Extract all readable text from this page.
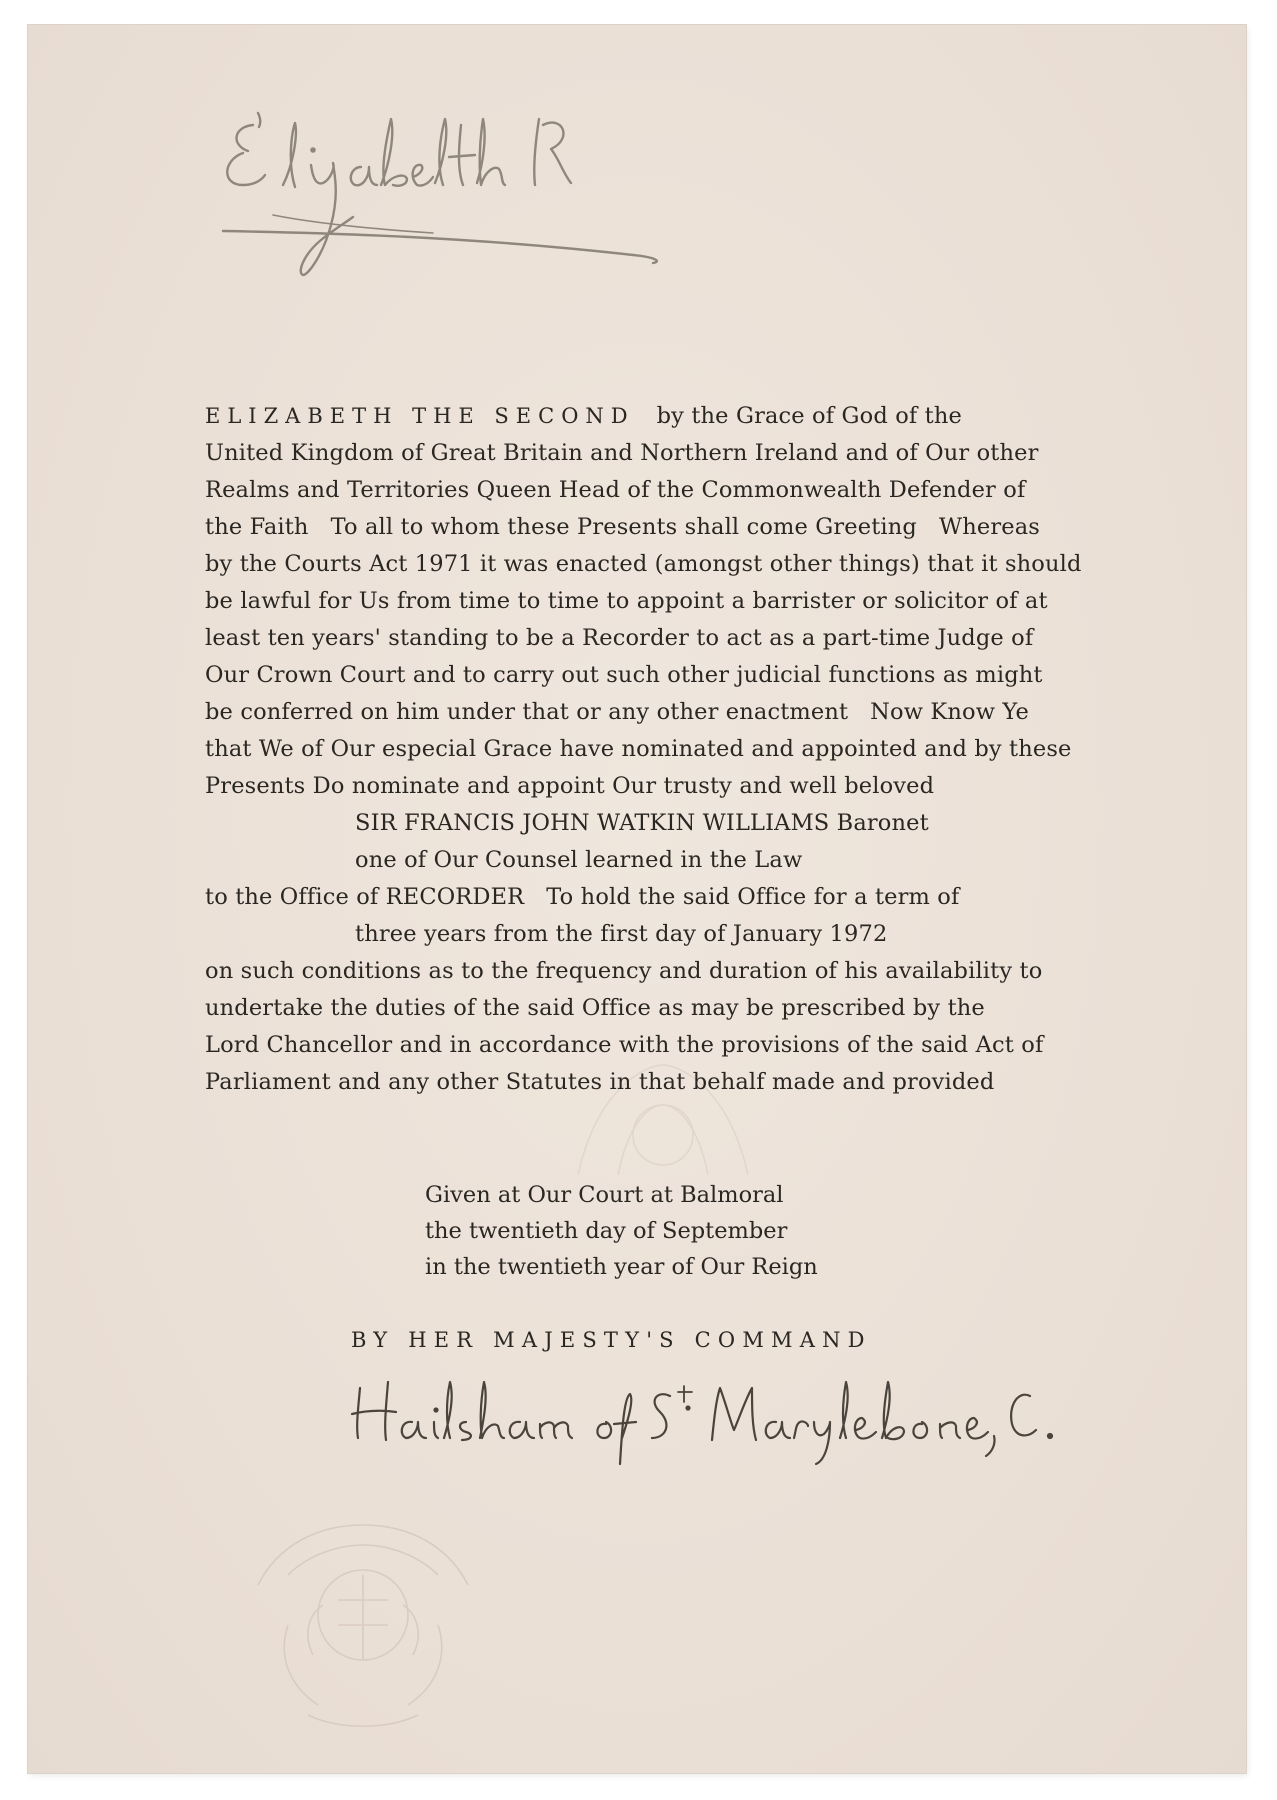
ELIZABETH THE SECOND by the Grace of God of the
United Kingdom of Great Britain and Northern Ireland and of Our other
Realms and Territories Queen Head of the Commonwealth Defender of
the Faith To all to whom these Presents shall come Greeting Whereas
by the Courts Act 1971 it was enacted (amongst other things) that it should
be lawful for Us from time to time to appoint a barrister or solicitor of at
least ten years' standing to be a Recorder to act as a part-time Judge of
Our Crown Court and to carry out such other judicial functions as might
be conferred on him under that or any other enactment Now Know Ye
that We of Our especial Grace have nominated and appointed and by these
Presents Do nominate and appoint Our trusty and well beloved
SIR FRANCIS JOHN WATKIN WILLIAMS Baronet
one of Our Counsel learned in the Law
to the Office of RECORDER To hold the said Office for a term of
three years from the first day of January 1972
on such conditions as to the frequency and duration of his availability to
undertake the duties of the said Office as may be prescribed by the
Lord Chancellor and in accordance with the provisions of the said Act of
Parliament and any other Statutes in that behalf made and provided
Given at Our Court at Balmoral
the twentieth day of September
in the twentieth year of Our Reign
BY HER MAJESTY'S COMMAND
